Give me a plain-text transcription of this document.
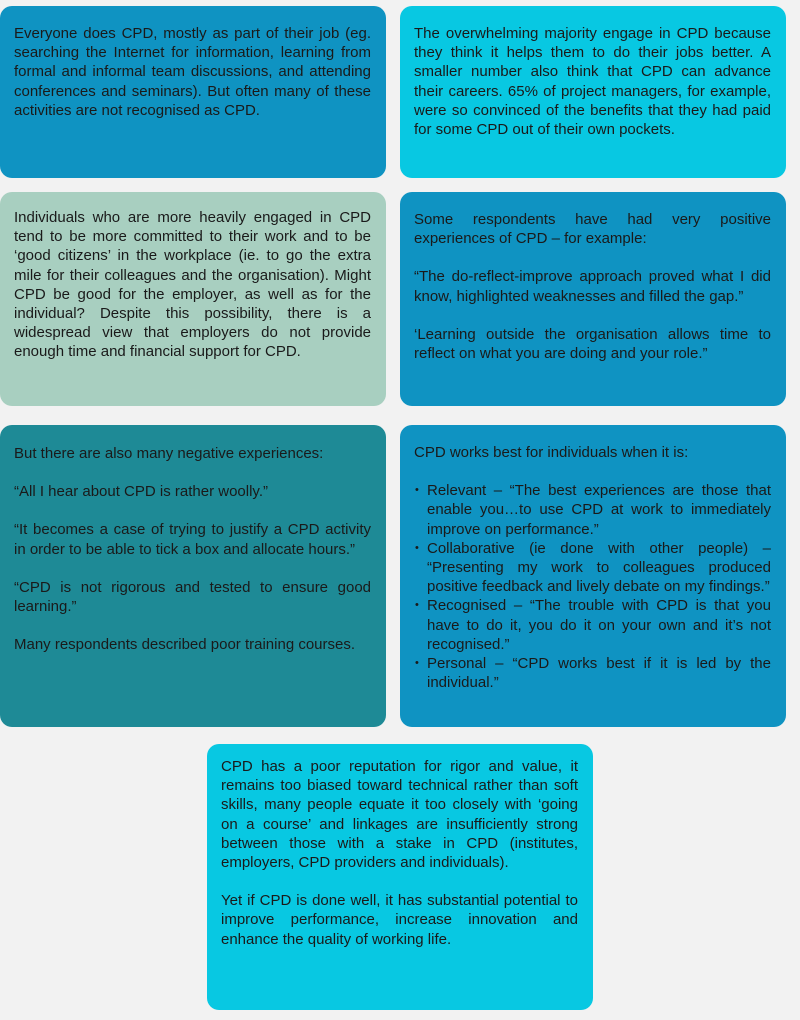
Everyone does CPD, mostly as part of their job (eg. searching the Internet for information, learning from formal and informal team discussions, and attending conferences and seminars). But often many of these activities are not recognised as CPD.

The overwhelming majority engage in CPD because they think it helps them to do their jobs better. A smaller number also think that CPD can advance their careers. 65% of project managers, for example, were so convinced of the benefits that they had paid for some CPD out of their own pockets.

Individuals who are more heavily engaged in CPD tend to be more committed to their work and to be ‘good citizens’ in the workplace (ie. to go the extra mile for their colleagues and the organisation). Might CPD be good for the employer, as well as for the individual? Despite this possibility, there is a widespread view that employers do not provide enough time and financial support for CPD.

Some respondents have had very positive experiences of CPD – for example:

“The do-reflect-improve approach proved what I did know, highlighted weaknesses and filled the gap.”

‘Learning outside the organisation allows time to reflect on what you are doing and your role.”

But there are also many negative experiences:

“All I hear about CPD is rather woolly.”

“It becomes a case of trying to justify a CPD activity in order to be able to tick a box and allocate hours.”

“CPD is not rigorous and tested to ensure good learning.”

Many respondents described poor training courses.

CPD works best for individuals when it is:

• Relevant – “The best experiences are those that enable you…to use CPD at work to immediately improve on performance.”
• Collaborative (ie done with other people) – “Presenting my work to colleagues produced positive feedback and lively debate on my findings.”
• Recognised – “The trouble with CPD is that you have to do it, you do it on your own and it’s not recognised.”
• Personal – “CPD works best if it is led by the individual.”

CPD has a poor reputation for rigor and value, it remains too biased toward technical rather than soft skills, many people equate it too closely with ‘going on a course’ and linkages are insufficiently strong between those with a stake in CPD (institutes, employers, CPD providers and individuals).

Yet if CPD is done well, it has substantial potential to improve performance, increase innovation and enhance the quality of working life.
